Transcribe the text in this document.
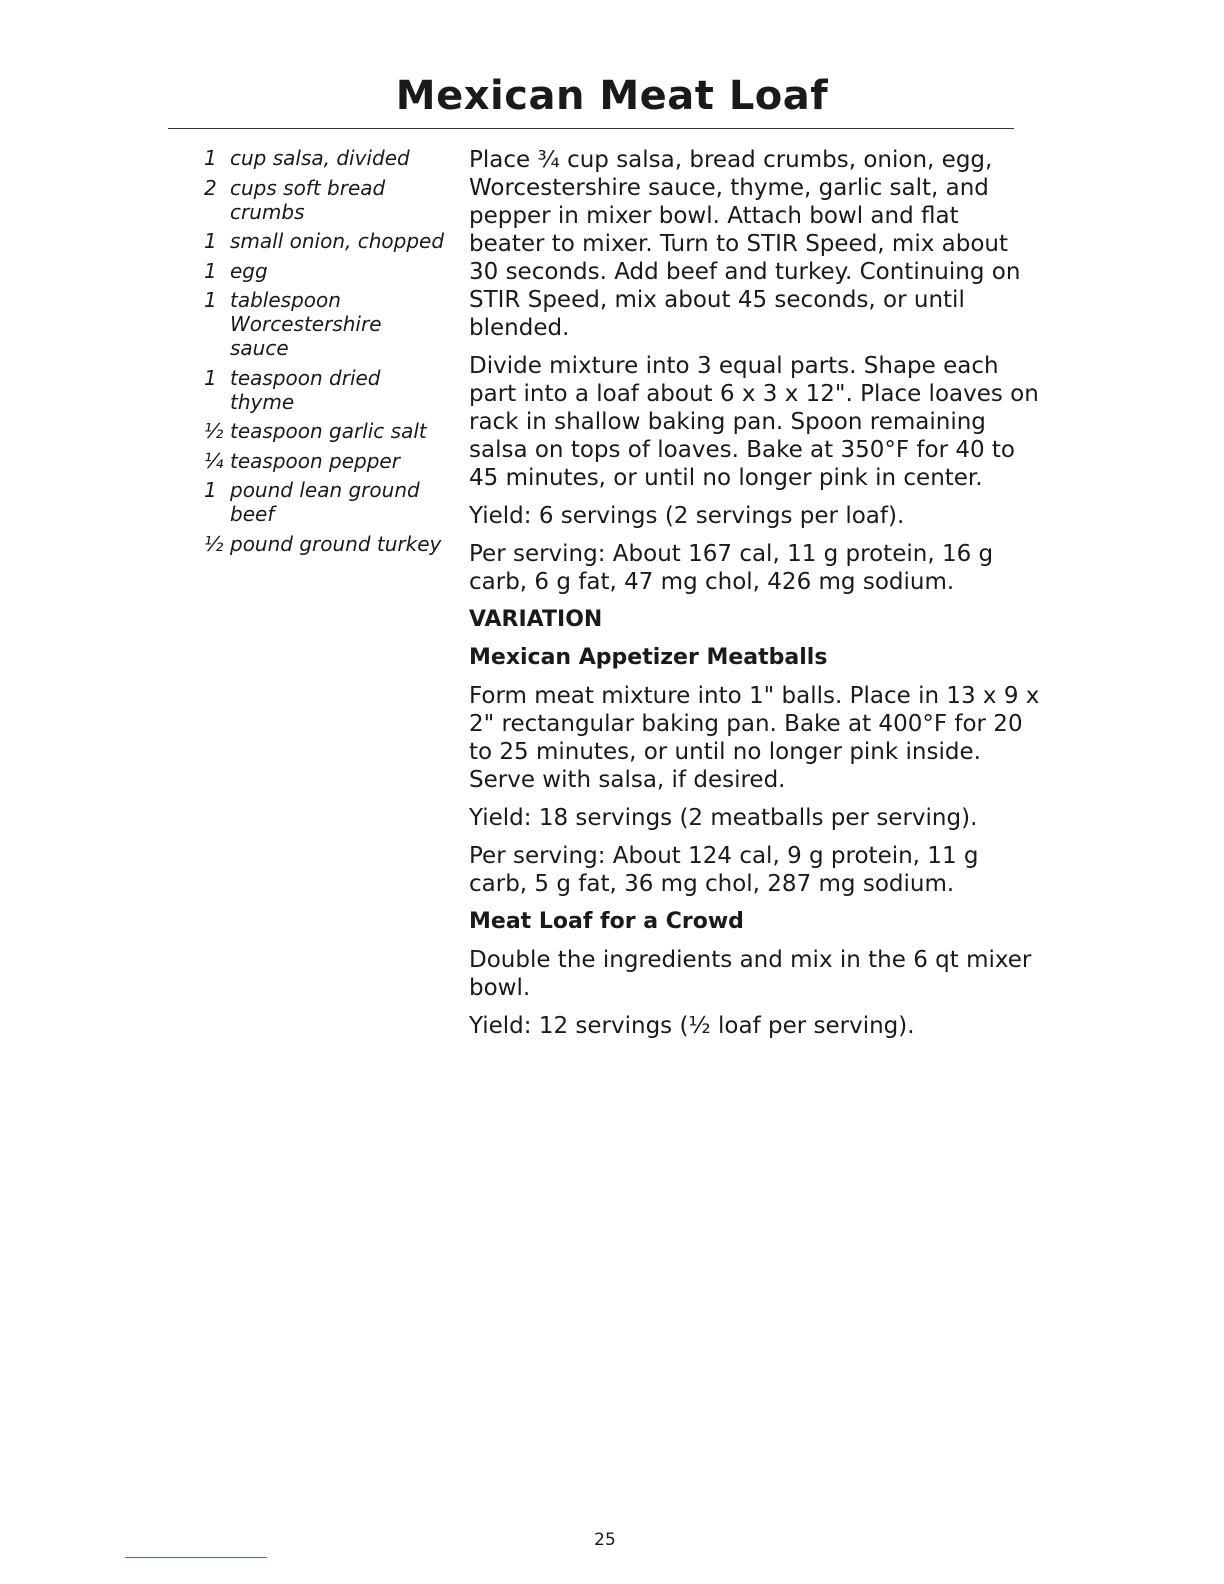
Mexican Meat Loaf
1 cup salsa, divided
2 cups soft bread crumbs
1 small onion, chopped
1 egg
1 tablespoon Worcestershire sauce
1 teaspoon dried thyme
½ teaspoon garlic salt
¼ teaspoon pepper
1 pound lean ground beef
½ pound ground turkey

Place ¾ cup salsa, bread crumbs, onion, egg, Worcestershire sauce, thyme, garlic salt, and pepper in mixer bowl. Attach bowl and flat beater to mixer. Turn to STIR Speed, mix about 30 seconds. Add beef and turkey. Continuing on STIR Speed, mix about 45 seconds, or until blended.

Divide mixture into 3 equal parts. Shape each part into a loaf about 6 x 3 x 12". Place loaves on rack in shallow baking pan. Spoon remaining salsa on tops of loaves. Bake at 350°F for 40 to 45 minutes, or until no longer pink in center.

Yield: 6 servings (2 servings per loaf).

Per serving: About 167 cal, 11 g protein, 16 g carb, 6 g fat, 47 mg chol, 426 mg sodium.

VARIATION
Mexican Appetizer Meatballs

Form meat mixture into 1" balls. Place in 13 x 9 x 2" rectangular baking pan. Bake at 400°F for 20 to 25 minutes, or until no longer pink inside. Serve with salsa, if desired.

Yield: 18 servings (2 meatballs per serving).

Per serving: About 124 cal, 9 g protein, 11 g carb, 5 g fat, 36 mg chol, 287 mg sodium.

Meat Loaf for a Crowd

Double the ingredients and mix in the 6 qt mixer bowl.

Yield: 12 servings (½ loaf per serving).

25
